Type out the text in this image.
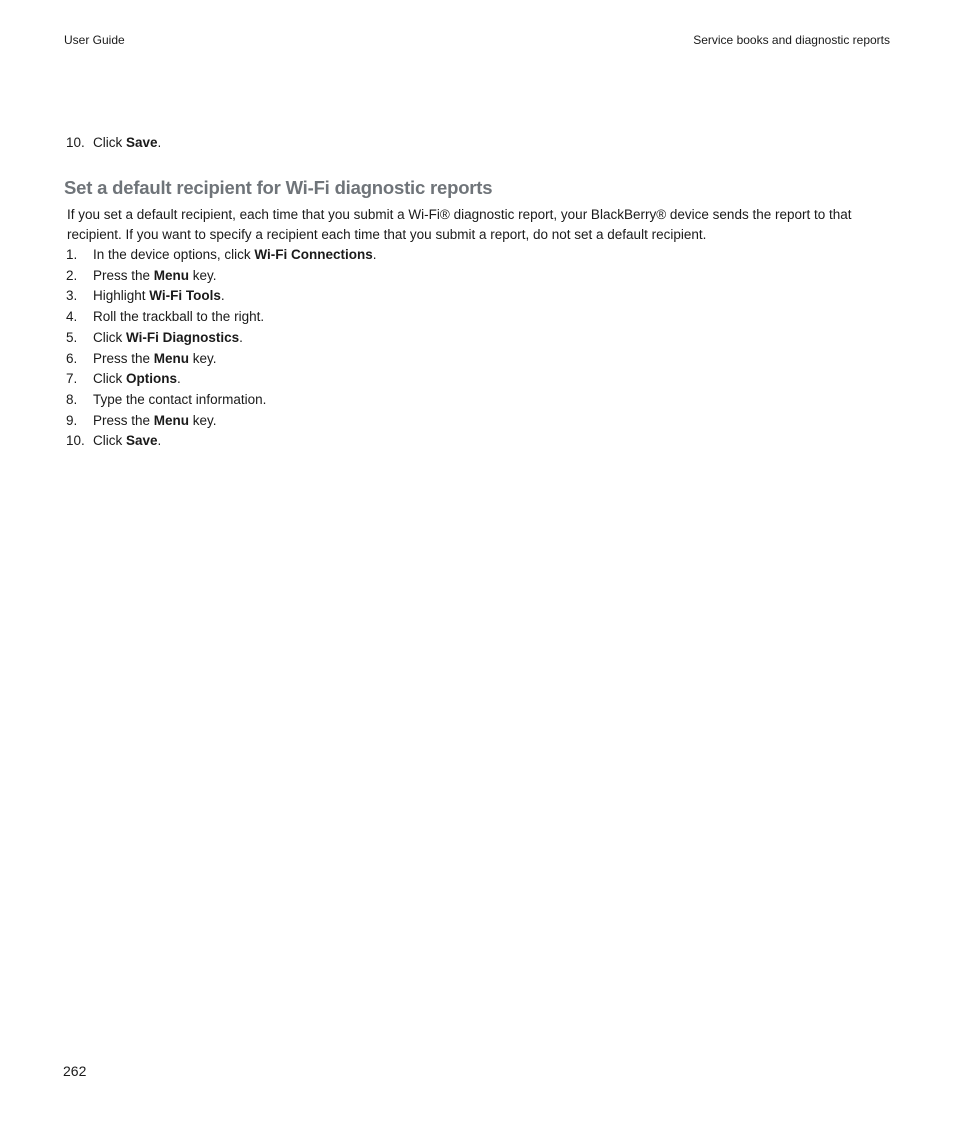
User Guide	Service books and diagnostic reports
10. Click Save.
Set a default recipient for Wi-Fi diagnostic reports

If you set a default recipient, each time that you submit a Wi-Fi® diagnostic report, your BlackBerry® device sends the report to that recipient. If you want to specify a recipient each time that you submit a report, do not set a default recipient.

1. In the device options, click Wi-Fi Connections.
2. Press the Menu key.
3. Highlight Wi-Fi Tools.
4. Roll the trackball to the right.
5. Click Wi-Fi Diagnostics.
6. Press the Menu key.
7. Click Options.
8. Type the contact information.
9. Press the Menu key.
10. Click Save.
262
